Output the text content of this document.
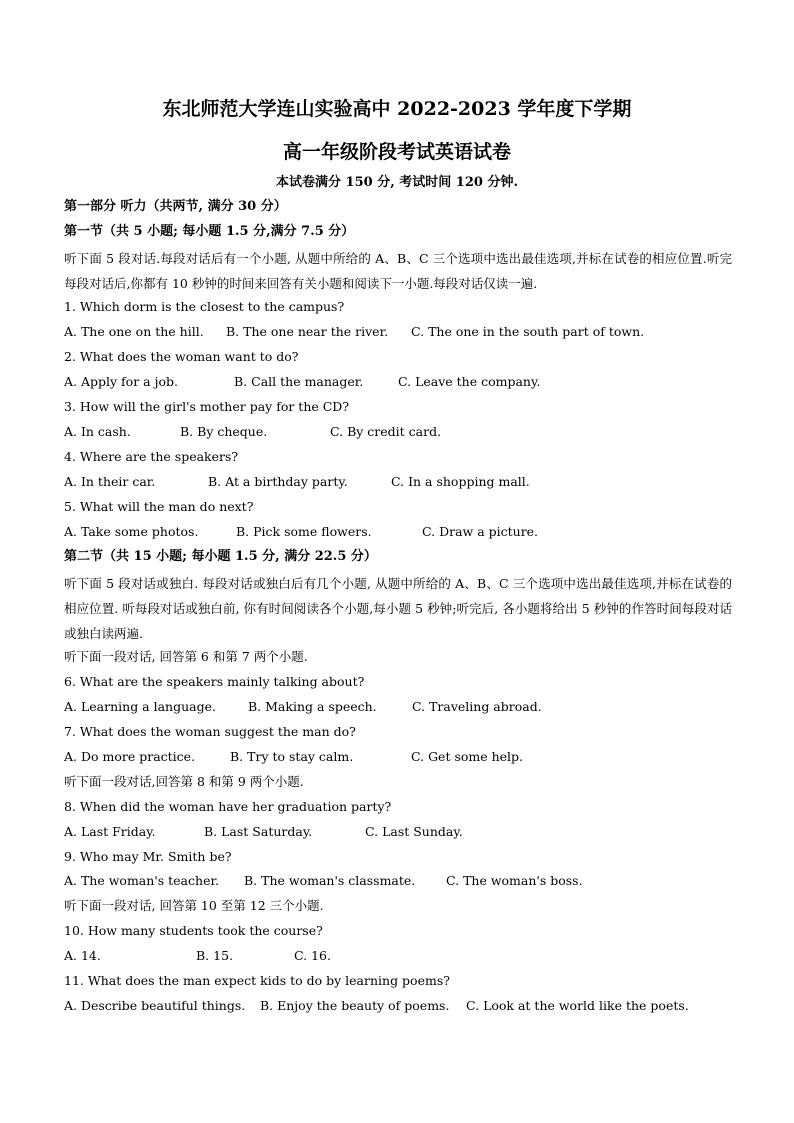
东北师范大学连山实验高中 2022-2023 学年度下学期
高一年级阶段考试英语试卷
本试卷满分 150 分, 考试时间 120 分钟.
第一部分 听力（共两节, 满分 30 分）
第一节（共 5 小题; 每小题 1.5 分,满分 7.5 分）
听下面 5 段对话.每段对话后有一个小题, 从题中所给的 A、B、C 三个选项中选出最佳选项,并标在试卷的相应位置.听完每段对话后,你都有 10 秒钟的时间来回答有关小题和阅读下一小题.每段对话仅读一遍.
1. Which dorm is the closest to the campus?
A. The one on the hill. B. The one near the river. C. The one in the south part of town.
2. What does the woman want to do?
A. Apply for a job.	B. Call the manager.	C. Leave the company.
3. How will the girl's mother pay for the CD?
A. In cash.	B. By cheque.	C. By credit card.
4. Where are the speakers?
A. In their car.	B. At a birthday party.	C. In a shopping mall.
5. What will the man do next?
A. Take some photos.	B. Pick some flowers.	C. Draw a picture.
第二节（共 15 小题; 每小题 1.5 分, 满分 22.5 分）
听下面 5 段对话或独白. 每段对话或独白后有几个小题, 从题中所给的 A、B、C 三个选项中选出最佳选项,并标在试卷的相应位置. 听每段对话或独白前, 你有时间阅读各个小题,每小题 5 秒钟;听完后, 各小题将给出 5 秒钟的作答时间每段对话或独白读两遍.
听下面一段对话, 回答第 6 和第 7 两个小题.
6. What are the speakers mainly talking about?
A. Learning a language.	B. Making a speech.	C. Traveling abroad.
7. What does the woman suggest the man do?
A. Do more practice.	B. Try to stay calm.	C. Get some help.
听下面一段对话,回答第 8 和第 9 两个小题.
8. When did the woman have her graduation party?
A. Last Friday.	B. Last Saturday.	C. Last Sunday.
9. Who may Mr. Smith be?
A. The woman's teacher. B. The woman's classmate. C. The woman's boss.
听下面一段对话, 回答第 10 至第 12 三个小题.
10. How many students took the course?
A. 14.	B. 15.	C. 16.
11. What does the man expect kids to do by learning poems?
A. Describe beautiful things. B. Enjoy the beauty of poems. C. Look at the world like the poets.
